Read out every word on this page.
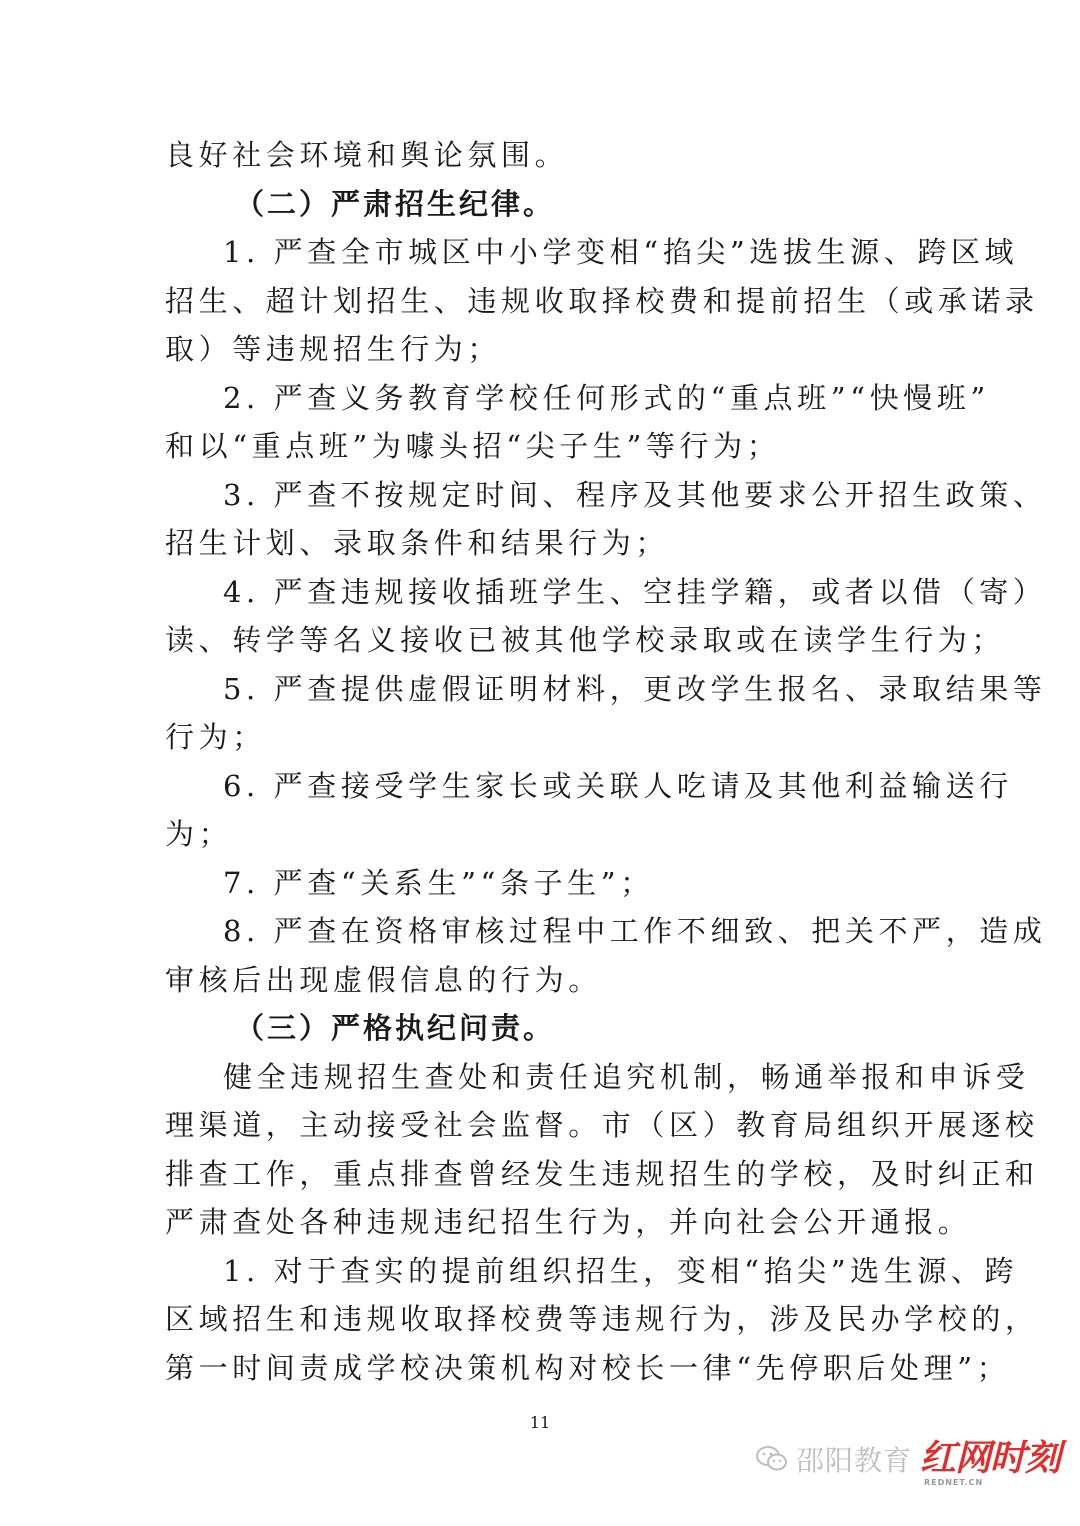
良好社会环境和舆论氛围。
（二）严肃招生纪律。
1. 严查全市城区中小学变相“掐尖”选拔生源、跨区域
招生、超计划招生、违规收取择校费和提前招生（或承诺录
取）等违规招生行为；
2. 严查义务教育学校任何形式的“重点班”“快慢班”
和以“重点班”为噱头招“尖子生”等行为；
3. 严查不按规定时间、程序及其他要求公开招生政策、
招生计划、录取条件和结果行为；
4. 严查违规接收插班学生、空挂学籍，或者以借（寄）
读、转学等名义接收已被其他学校录取或在读学生行为；
5. 严查提供虚假证明材料，更改学生报名、录取结果等
行为；
6. 严查接受学生家长或关联人吃请及其他利益输送行
为；
7. 严查“关系生”“条子生”；
8. 严查在资格审核过程中工作不细致、把关不严，造成
审核后出现虚假信息的行为。
（三）严格执纪问责。
健全违规招生查处和责任追究机制，畅通举报和申诉受
理渠道，主动接受社会监督。市（区）教育局组织开展逐校
排查工作，重点排查曾经发生违规招生的学校，及时纠正和
严肃查处各种违规违纪招生行为，并向社会公开通报。
1. 对于查实的提前组织招生，变相“掐尖”选生源、跨
区域招生和违规收取择校费等违规行为，涉及民办学校的，
第一时间责成学校决策机构对校长一律“先停职后处理”；
11
邵阳教育 红网时刻
REDNET.CN
